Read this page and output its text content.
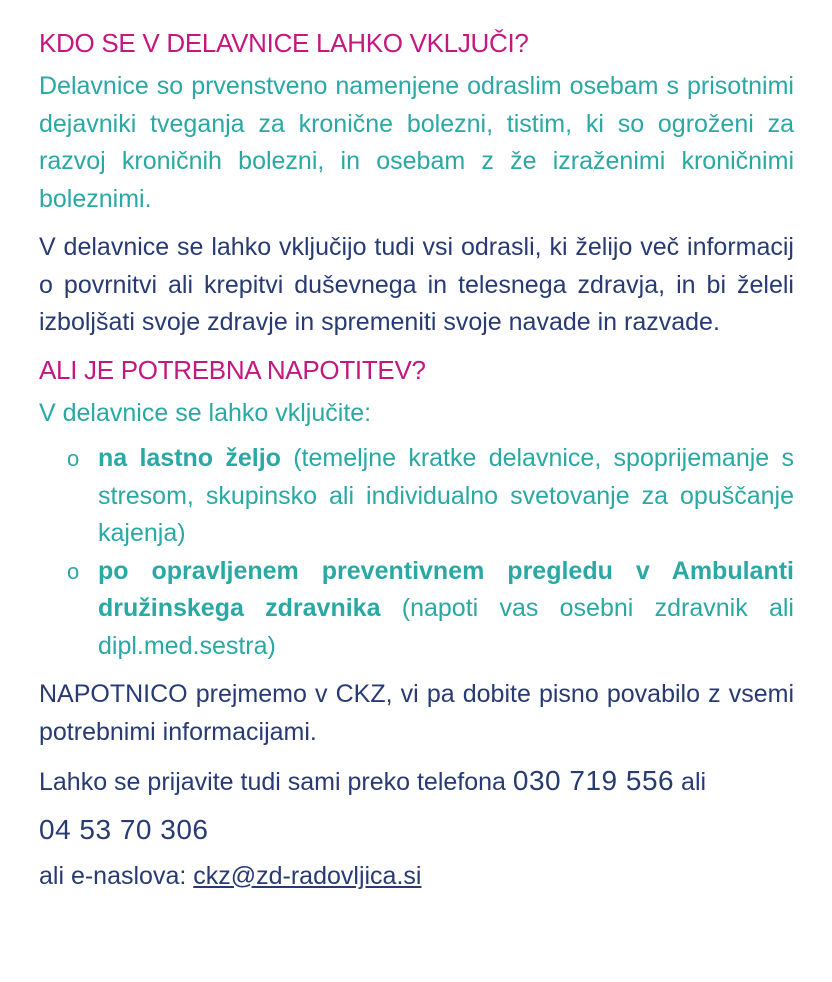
KDO SE V DELAVNICE LAHKO VKLJUČI?

Delavnice so prvenstveno namenjene odraslim osebam s prisotnimi dejavniki tveganja za kronične bolezni, tistim, ki so ogroženi za razvoj kroničnih bolezni, in osebam z že izraženimi kroničnimi boleznimi.

V delavnice se lahko vključijo tudi vsi odrasli, ki želijo več informacij o povrnitvi ali krepitvi duševnega in telesnega zdravja, in bi želeli izboljšati svoje zdravje in spremeniti svoje navade in razvade.

ALI JE POTREBNA NAPOTITEV?

V delavnice se lahko vključite:

o na lastno željo (temeljne kratke delavnice, spoprijemanje s stresom, skupinsko ali individualno svetovanje za opuščanje kajenja)
o po opravljenem preventivnem pregledu v Ambulanti družinskega zdravnika (napoti vas osebni zdravnik ali dipl.med.sestra)

NAPOTNICO prejmemo v CKZ, vi pa dobite pisno povabilo z vsemi potrebnimi informacijami.

Lahko se prijavite tudi sami preko telefona 030 719 556 ali

04 53 70 306

ali e-naslova: ckz@zd-radovljica.si
